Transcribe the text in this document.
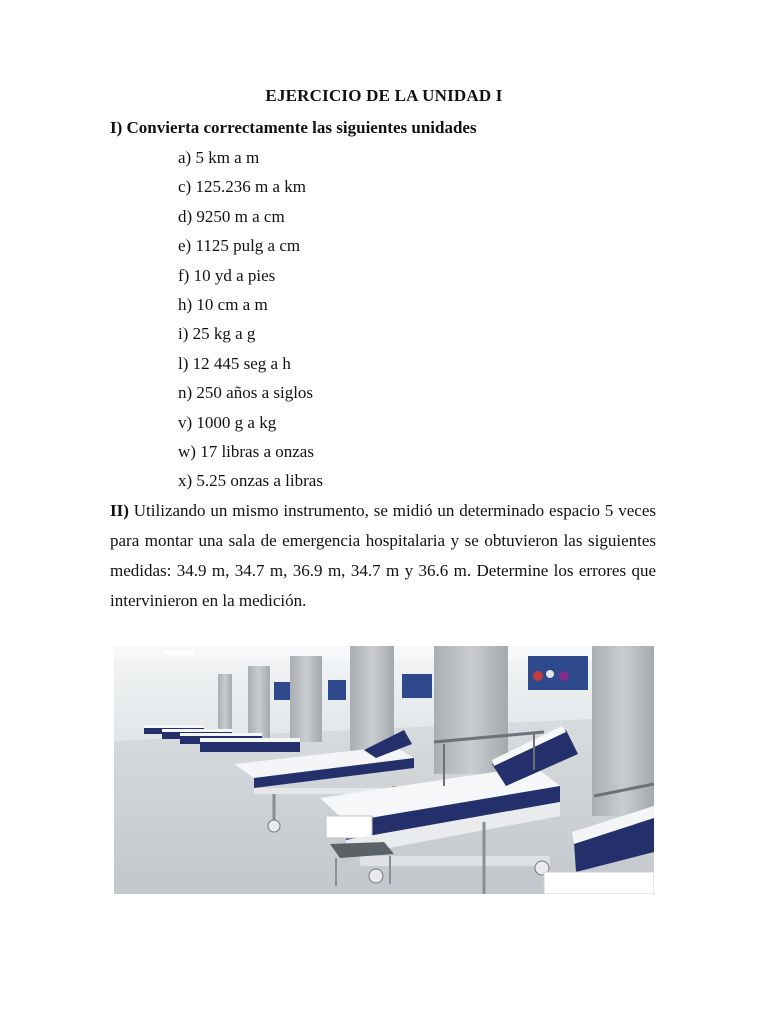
EJERCICIO DE LA UNIDAD I
I) Convierta correctamente las siguientes unidades
a) 5 km a m
c) 125.236 m a km
d) 9250 m a cm
e) 1125 pulg a cm
f) 10 yd a pies
h) 10 cm a m
i) 25 kg a g
l) 12 445 seg a h
n) 250 años a siglos
v) 1000 g a kg
w) 17 libras a onzas
x) 5.25 onzas a libras

II) Utilizando un mismo instrumento, se midió un determinado espacio 5 veces para montar una sala de emergencia hospitalaria y se obtuvieron las siguientes medidas: 34.9 m, 34.7 m, 36.9 m, 34.7 m y 36.6 m. Determine los errores que intervinieron en la medición.
